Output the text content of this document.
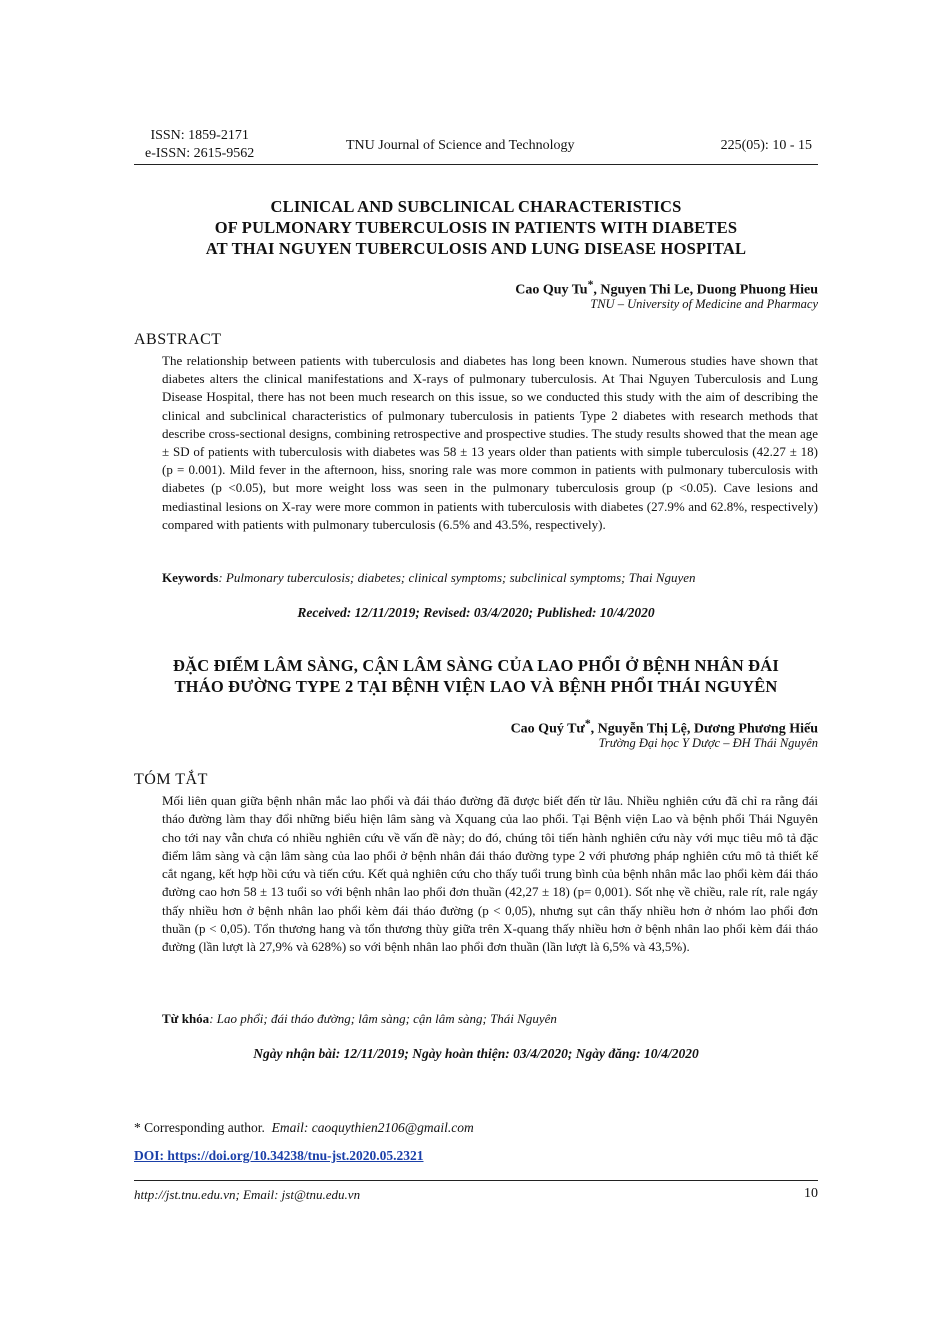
ISSN: 1859-2171
e-ISSN: 2615-9562
TNU Journal of Science and Technology	225(05): 10 - 15
CLINICAL AND SUBCLINICAL CHARACTERISTICS
OF PULMONARY TUBERCULOSIS IN PATIENTS WITH DIABETES
AT THAI NGUYEN TUBERCULOSIS AND LUNG DISEASE HOSPITAL
Cao Quy Tu*, Nguyen Thi Le, Duong Phuong Hieu
TNU – University of Medicine and Pharmacy
ABSTRACT
The relationship between patients with tuberculosis and diabetes has long been known. Numerous studies have shown that diabetes alters the clinical manifestations and X-rays of pulmonary tuberculosis. At Thai Nguyen Tuberculosis and Lung Disease Hospital, there has not been much research on this issue, so we conducted this study with the aim of describing the clinical and subclinical characteristics of pulmonary tuberculosis in patients Type 2 diabetes with research methods that describe cross-sectional designs, combining retrospective and prospective studies. The study results showed that the mean age ± SD of patients with tuberculosis with diabetes was 58 ± 13 years older than patients with simple tuberculosis (42.27 ± 18) (p = 0.001). Mild fever in the afternoon, hiss, snoring rale was more common in patients with pulmonary tuberculosis with diabetes (p <0.05), but more weight loss was seen in the pulmonary tuberculosis group (p <0.05). Cave lesions and mediastinal lesions on X-ray were more common in patients with tuberculosis with diabetes (27.9% and 62.8%, respectively) compared with patients with pulmonary tuberculosis (6.5% and 43.5%, respectively).
Keywords: Pulmonary tuberculosis; diabetes; clinical symptoms; subclinical symptoms; Thai Nguyen
Received: 12/11/2019; Revised: 03/4/2020; Published: 10/4/2020
ĐẶC ĐIỂM LÂM SÀNG, CẬN LÂM SÀNG CỦA LAO PHỔI Ở BỆNH NHÂN ĐÁI
THÁO ĐƯỜNG TYPE 2 TẠI BỆNH VIỆN LAO VÀ BỆNH PHỔI THÁI NGUYÊN
Cao Quý Tư*, Nguyễn Thị Lệ, Dương Phương Hiếu
Trường Đại học Y Dược – ĐH Thái Nguyên
TÓM TẮT
Mối liên quan giữa bệnh nhân mắc lao phổi và đái tháo đường đã được biết đến từ lâu. Nhiều nghiên cứu đã chỉ ra rằng đái tháo đường làm thay đổi những biểu hiện lâm sàng và Xquang của lao phổi. Tại Bệnh viện Lao và bệnh phổi Thái Nguyên cho tới nay vẫn chưa có nhiều nghiên cứu về vấn đề này; do đó, chúng tôi tiến hành nghiên cứu này với mục tiêu mô tả đặc điểm lâm sàng và cận lâm sàng của lao phổi ở bệnh nhân đái tháo đường type 2 với phương pháp nghiên cứu mô tả thiết kế cắt ngang, kết hợp hồi cứu và tiến cứu. Kết quả nghiên cứu cho thấy tuổi trung bình của bệnh nhân mắc lao phổi kèm đái tháo đường cao hơn 58 ± 13 tuổi so với bệnh nhân lao phổi đơn thuần (42,27 ± 18) (p= 0,001). Sốt nhẹ về chiều, rale rít, rale ngáy thấy nhiều hơn ở bệnh nhân lao phổi kèm đái tháo đường (p < 0,05), nhưng sụt cân thấy nhiều hơn ở nhóm lao phổi đơn thuần (p < 0,05). Tổn thương hang và tổn thương thùy giữa trên X-quang thấy nhiều hơn ở bệnh nhân lao phổi kèm đái tháo đường (lần lượt là 27,9% và 628%) so với bệnh nhân lao phổi đơn thuần (lần lượt là 6,5% và 43,5%).
Từ khóa: Lao phổi; đái tháo đường; lâm sàng; cận lâm sàng; Thái Nguyên
Ngày nhận bài: 12/11/2019; Ngày hoàn thiện: 03/4/2020; Ngày đăng: 10/4/2020
* Corresponding author. Email: caoquythien2106@gmail.com
DOI: https://doi.org/10.34238/tnu-jst.2020.05.2321
http://jst.tnu.edu.vn; Email: jst@tnu.edu.vn	10
